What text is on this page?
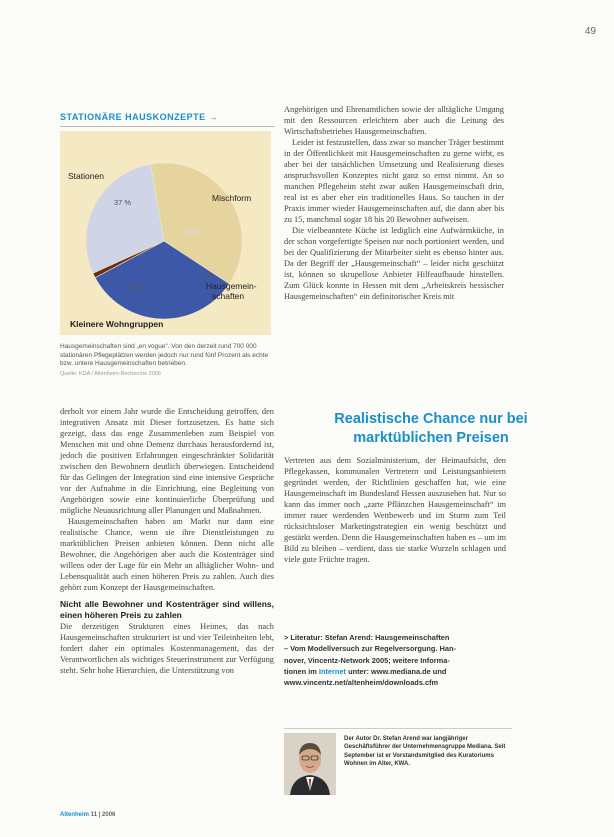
49
STATIONÄRE HAUSKONZEPTE →
Stationen
Mischform
Hausgemein-
schaften
Kleinere Wohngruppen
37 %
33 %
1 %
29 %
Hausgemeinschaften sind „en vogue“. Von den derzeit rund 700 000 stationären Pflegeplätzen werden jedoch nur rund fünf Prozent als echte bzw. untere Hausgemeinschaften betrieben.
Quelle: KDA / Altenheim-Recherche 2006

derholt vor einem Jahr wurde die Entscheidung getroffen, den integrativen Ansatz mit Dieser fortzusetzen. Es hatte sich gezeigt, dass das enge Zusammenleben zum Beispiel von Menschen mit und ohne Demenz durchaus herausfordernd ist, jedoch die positiven Erfahrungen eingeschränkter Solidarität zwischen den Bewohnern deutlich überwiegen. Entscheidend für das Gelingen der Integration sind eine intensive Gespräche vor der Aufnahme in die Einrichtung, eine Begleitung von Angehörigen sowie eine kontinuierliche Überprüfung und mögliche Neuausrichtung aller Planungen und Maßnahmen.

Hausgemeinschaften haben am Markt nur dann eine realistische Chance, wenn sie ihre Dienstleistungen zu marktüblichen Preisen anbieten können. Denn nicht alle Bewohner, die Angehörigen aber auch die Kostenträger sind willens oder der Lage für ein Mehr an alltäglicher Wohn- und Lebensqualität auch einen höheren Preis zu zahlen. Auch dies gehört zum Konzept der Hausgemeinschaften.

Nicht alle Bewohner und Kostenträger sind willens, einen höheren Preis zu zahlen

Die derzeitigen Strukturen eines Heimes, das nach Hausgemeinschaften strukturiert ist und vier Teileinheiten lebt, fordert daher ein optimales Kostenmanagement, das der Verantwortlichen als wichtiges Steuerinstrument zur Verfügung steht. Sehr hohe Hierarchien, die Unterstützung von

Angehörigen und Ehrenamtlichen sowie der alltägliche Umgang mit den Ressourcen erleichtern aber auch die Leitung des Wirtschaftsbetriebes Hausgemeinschaften.

Leider ist festzustellen, dass zwar so mancher Träger bestimmt in der Öffentlichkeit mit Hausgemeinschaften zu gerne wirbt, es aber bei der tatsächlichen Umsetzung und Realisierung dieses anspruchsvollen Konzeptes nicht ganz so ernst nimmt. An so manchen Pflegeheim steht zwar außen Hausgemeinschaft drin, real ist es aber eher ein traditionelles Haus. So tauchen in der Praxis immer wieder Hausgemeinschaften auf, die dann aber bis zu 15, manchmal sogar 18 bis 20 Bewohner aufweisen.

Die vielbeanntete Küche ist lediglich eine Aufwärmküche, in der schon vorgefertigte Speisen nur noch portioniert werden, und bei der Qualifizierung der Mitarbeiter sieht es ebenso hinter aus. Da der Begriff der „Hausgemeinschaft“ – leider nicht geschützt ist, können so skrupellose Anbieter Hilfeaufbaude hinstellen. Zum Glück konnte in Hessen mit dem „Arbeitskreis hessischer Hausgemeinschaften“ ein definitorischer Kreis mit

Realistische Chance nur bei marktüblichen Preisen

Vertreten aus dem Sozialministerium, der Heimaufsicht, den Pflegekassen, kommunalen Vertretern und Leistungsanbietern gegründet werden, der Richtlinien geschaffen hat, wie eine Hausgemeinschaft im Bundesland Hessen auszusehen hat. Nur so kann das immer noch „zarte Pflänzchen Hausgemeinschaft“ im immer rauer werdenden Wettbewerb und im Sturm zum Teil rücksichtsloser Marketingstrategien ein wenig beschützt und gestärkt werden. Denn die Hausgemeinschaften haben es – um im Bild zu bleiben – verdient, dass sie starke Wurzeln schlagen und viele gute Früchte tragen.

> Literatur: Stefan Arend: Hausgemeinschaften
– Vom Modellversuch zur Regelversorgung. Han-
nover, Vincentz-Network 2005; weitere Informa-
tionen im Internet unter: www.mediana.de und
www.vincentz.net/altenheim/downloads.cfm
Der Autor Dr. Stefan Arend war langjähriger Geschäftsführer der Unternehmensgruppe Mediana. Seit September ist er Vorstandsmitglied des Kuratoriums Wohnen im Alter, KWA.
Altenheim 11 | 2006
